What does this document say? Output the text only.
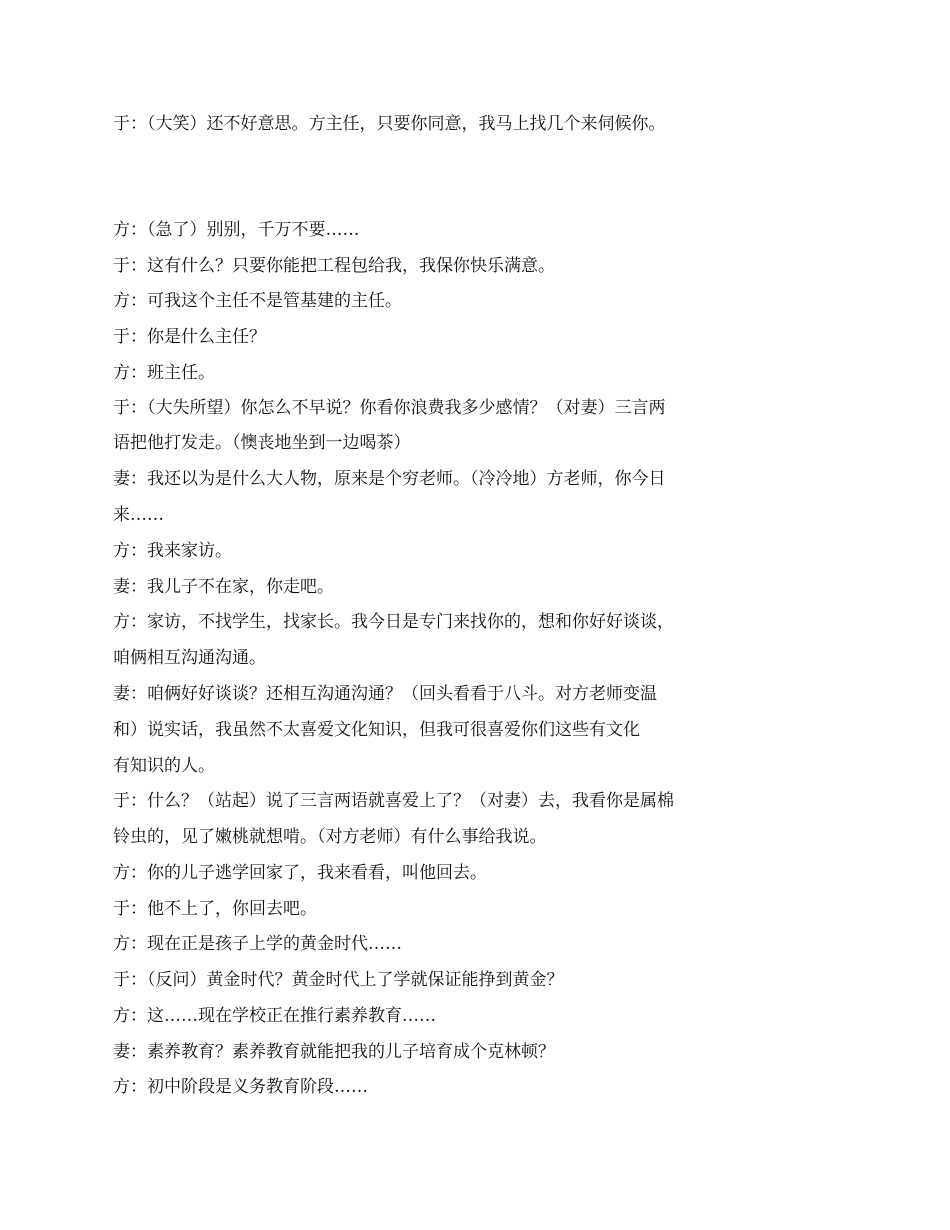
于：（大笑）还不好意思。方主任，只要你同意，我马上找几个来伺候你。
方：（急了）别别，千万不要……
于：这有什么？只要你能把工程包给我，我保你快乐满意。
方：可我这个主任不是管基建的主任。
于：你是什么主任？
方：班主任。
于：（大失所望）你怎么不早说？你看你浪费我多少感情？（对妻）三言两
语把他打发走。（懊丧地坐到一边喝茶）
妻：我还以为是什么大人物，原来是个穷老师。（冷冷地）方老师，你今日
来……
方：我来家访。
妻：我儿子不在家，你走吧。
方：家访，不找学生，找家长。我今日是专门来找你的，想和你好好谈谈，
咱俩相互沟通沟通。
妻：咱俩好好谈谈？还相互沟通沟通？（回头看看于八斗。对方老师变温
和）说实话，我虽然不太喜爱文化知识，但我可很喜爱你们这些有文化
有知识的人。
于：什么？（站起）说了三言两语就喜爱上了？（对妻）去，我看你是属棉
铃虫的，见了嫩桃就想啃。（对方老师）有什么事给我说。
方：你的儿子逃学回家了，我来看看，叫他回去。
于：他不上了，你回去吧。
方：现在正是孩子上学的黄金时代……
于：（反问）黄金时代？黄金时代上了学就保证能挣到黄金？
方：这……现在学校正在推行素养教育……
妻：素养教育？素养教育就能把我的儿子培育成个克林顿？
方：初中阶段是义务教育阶段……
